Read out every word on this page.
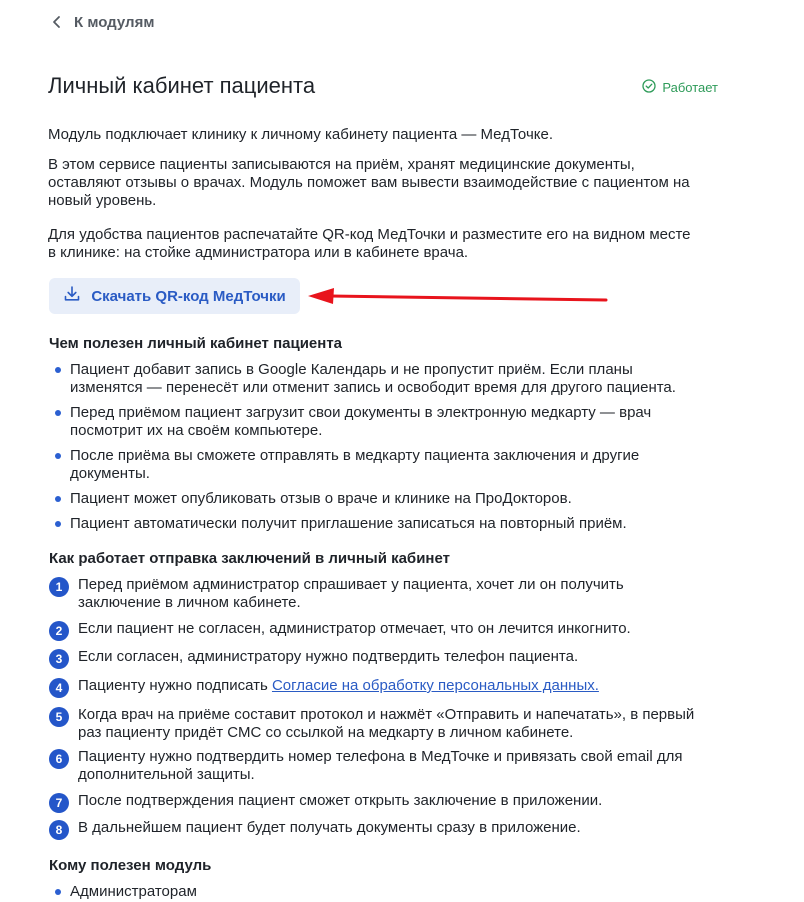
К модулям
Личный кабинет пациента	Работает

Модуль подключает клинику к личному кабинету пациента — МедТочке.

В этом сервисе пациенты записываются на приём, хранят медицинские документы,
оставляют отзывы о врачах. Модуль поможет вам вывести взаимодействие с пациентом на
новый уровень.

Для удобства пациентов распечатайте QR-код МедТочки и разместите его на видном месте
в клинике: на стойке администратора или в кабинете врача.

Скачать QR-код МедТочки
Чем полезен личный кабинет пациента
Пациент добавит запись в Google Календарь и не пропустит приём. Если планы
изменятся — перенесёт или отменит запись и освободит время для другого пациента.
Перед приёмом пациент загрузит свои документы в электронную медкарту — врач
посмотрит их на своём компьютере.
После приёма вы сможете отправлять в медкарту пациента заключения и другие
документы.
Пациент может опубликовать отзыв о враче и клинике на ПроДокторов.
Пациент автоматически получит приглашение записаться на повторный приём.
Как работает отправка заключений в личный кабинет
1	Перед приёмом администратор спрашивает у пациента, хочет ли он получить
заключение в личном кабинете.
2	Если пациент не согласен, администратор отмечает, что он лечится инкогнито.
3	Если согласен, администратору нужно подтвердить телефон пациента.
4	Пациенту нужно подписать Согласие на обработку персональных данных.
5	Когда врач на приёме составит протокол и нажмёт «Отправить и напечатать», в первый
раз пациенту придёт СМС со ссылкой на медкарту в личном кабинете.
6	Пациенту нужно подтвердить номер телефона в МедТочке и привязать свой email для
дополнительной защиты.
7	После подтверждения пациент сможет открыть заключение в приложении.
8	В дальнейшем пациент будет получать документы сразу в приложение.
Кому полезен модуль
Администраторам
